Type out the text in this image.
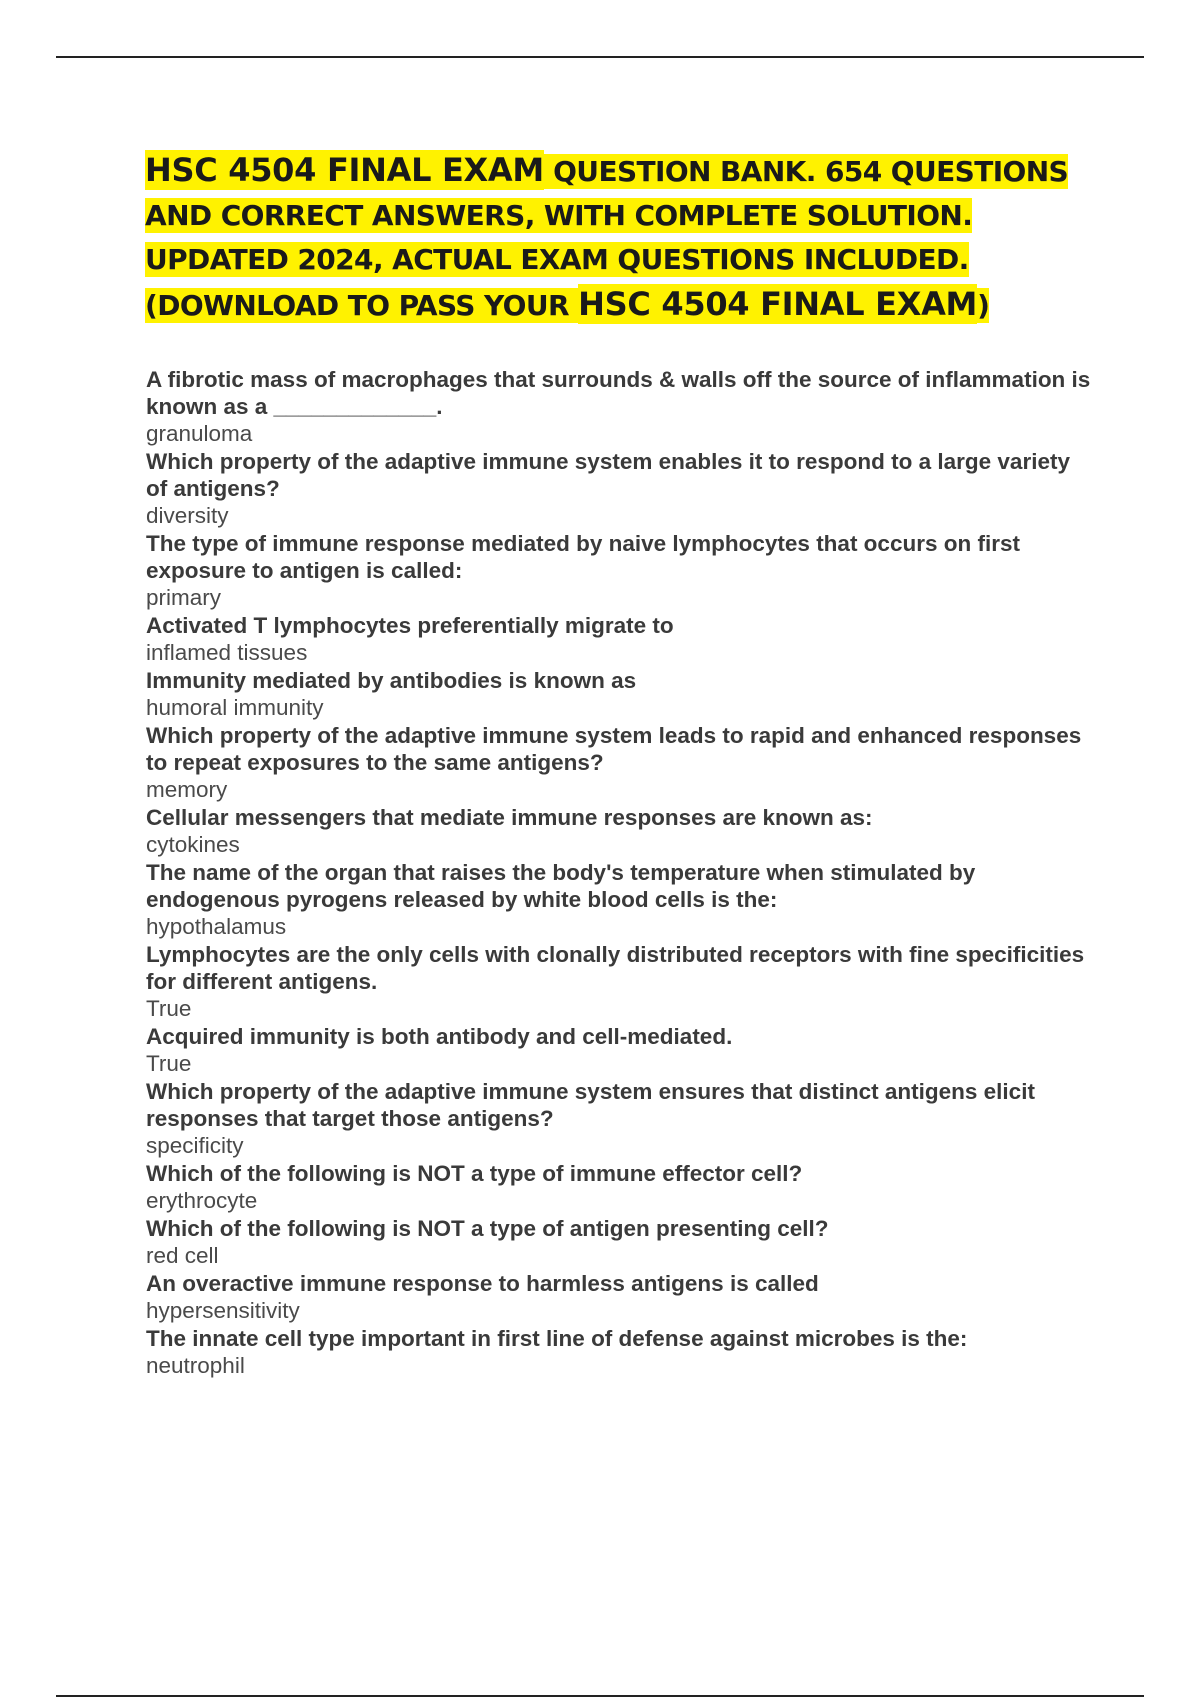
HSC 4504 FINAL EXAM QUESTION BANK. 654 QUESTIONS AND CORRECT ANSWERS, WITH COMPLETE SOLUTION. UPDATED 2024, ACTUAL EXAM QUESTIONS INCLUDED. (DOWNLOAD TO PASS YOUR HSC 4504 FINAL EXAM)
A fibrotic mass of macrophages that surrounds & walls off the source of inflammation is known as a _____________.
granuloma
Which property of the adaptive immune system enables it to respond to a large variety of antigens?
diversity
The type of immune response mediated by naive lymphocytes that occurs on first exposure to antigen is called:
primary
Activated T lymphocytes preferentially migrate to
inflamed tissues
Immunity mediated by antibodies is known as
humoral immunity
Which property of the adaptive immune system leads to rapid and enhanced responses to repeat exposures to the same antigens?
memory
Cellular messengers that mediate immune responses are known as:
cytokines
The name of the organ that raises the body's temperature when stimulated by endogenous pyrogens released by white blood cells is the:
hypothalamus
Lymphocytes are the only cells with clonally distributed receptors with fine specificities for different antigens.
True
Acquired immunity is both antibody and cell-mediated.
True
Which property of the adaptive immune system ensures that distinct antigens elicit responses that target those antigens?
specificity
Which of the following is NOT a type of immune effector cell?
erythrocyte
Which of the following is NOT a type of antigen presenting cell?
red cell
An overactive immune response to harmless antigens is called
hypersensitivity
The innate cell type important in first line of defense against microbes is the:
neutrophil
